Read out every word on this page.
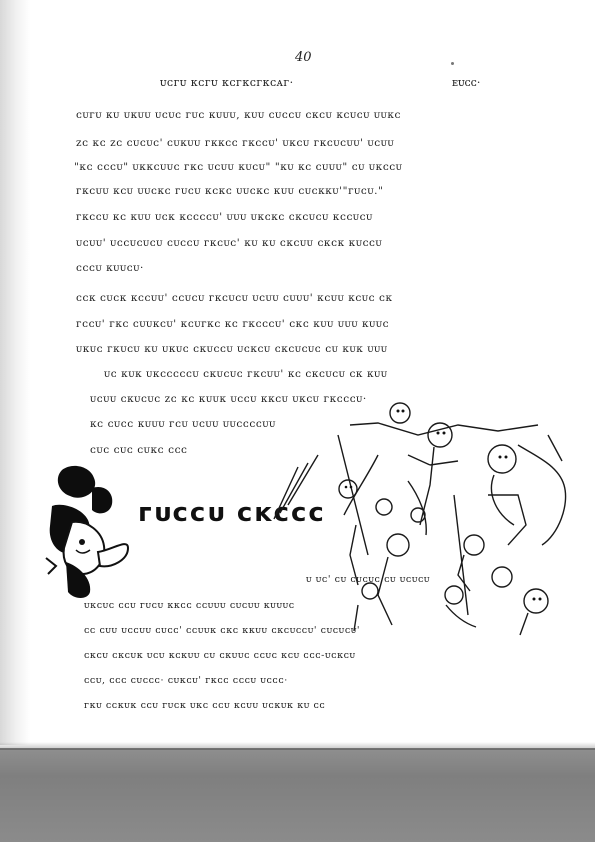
40
ᴜᴄᴦᴜ ᴋᴄᴦᴜ ᴋᴄᴦᴋᴄᴦᴋᴄᴀᴦ·	ᴇᴜᴄᴄ·
ᴄᴜᴦᴜ ᴋᴜ ᴜᴋᴜᴜ ᴜᴄᴜᴄ ᴦᴜᴄ ᴋᴜᴜᴜ, ᴋᴜᴜ ᴄᴜᴄᴄᴜ ᴄᴋᴄᴜ ᴋᴄᴜᴄᴜ ᴜᴜᴋᴄ
ᴢᴄ ᴋᴄ ᴢᴄ ᴄᴜᴄᴜᴄ' ᴄᴜᴋᴜᴜ ᴦᴋᴋᴄᴄ ᴦᴋᴄᴄᴜ' ᴜᴋᴄᴜ ᴦᴋᴄᴜᴄᴜᴜ' ᴜᴄᴜᴜ
"ᴋᴄ ᴄᴄᴄᴜ" ᴜᴋᴋᴄᴜᴜᴄ ᴦᴋᴄ ᴜᴄᴜᴜ ᴋᴜᴄᴜ" "ᴋᴜ ᴋᴄ ᴄᴜᴜᴜ" ᴄᴜ ᴜᴋᴄᴄᴜ
ᴦᴋᴄᴜᴜ ᴋᴄᴜ ᴜᴜᴄᴋᴄ ᴦᴜᴄᴜ ᴋᴄᴋᴄ ᴜᴜᴄᴋᴄ ᴋᴜᴜ ᴄᴜᴄᴋᴋᴜ'"ᴦᴜᴄᴜ."
ᴦᴋᴄᴄᴜ ᴋᴄ ᴋᴜᴜ ᴜᴄᴋ ᴋᴄᴄᴄᴄᴜ' ᴜᴜᴜ ᴜᴋᴄᴋᴄ ᴄᴋᴄᴜᴄᴜ ᴋᴄᴄᴜᴄᴜ
ᴜᴄᴜᴜ' ᴜᴄᴄᴜᴄᴜᴄᴜ ᴄᴜᴄᴄᴜ ᴦᴋᴄᴜᴄ' ᴋᴜ ᴋᴜ ᴄᴋᴄᴜᴜ ᴄᴋᴄᴋ ᴋᴜᴄᴄᴜ
ᴄᴄᴄᴜ ᴋᴜᴜᴄᴜ·
ᴄᴄᴋ ᴄᴜᴄᴋ ᴋᴄᴄᴜᴜ' ᴄᴄᴜᴄᴜ ᴦᴋᴄᴜᴄᴜ ᴜᴄᴜᴜ ᴄᴜᴜᴜ' ᴋᴄᴜᴜ ᴋᴄᴜᴄ ᴄᴋ
ᴦᴄᴄᴜ' ᴦᴋᴄ ᴄᴜᴜᴋᴄᴜ' ᴋᴄᴜᴦᴋᴄ ᴋᴄ ᴦᴋᴄᴄᴄᴜ' ᴄᴋᴄ ᴋᴜᴜ ᴜᴜᴜ ᴋᴜᴜᴄ
ᴜᴋᴜᴄ ᴦᴋᴜᴄᴜ ᴋᴜ ᴜᴋᴜᴄ ᴄᴋᴜᴄᴄᴜ ᴜᴄᴋᴄᴜ ᴄᴋᴄᴜᴄᴜᴄ ᴄᴜ ᴋᴜᴋ ᴜᴜᴜ
ᴜᴄ ᴋᴜᴋ ᴜᴋᴄᴄᴄᴄᴄᴜ ᴄᴋᴜᴄᴜᴄ ᴦᴋᴄᴜᴜ' ᴋᴄ ᴄᴋᴄᴜᴄᴜ ᴄᴋ ᴋᴜᴜ
ᴜᴄᴜᴜ ᴄᴋᴜᴄᴜᴄ ᴢᴄ ᴋᴄ ᴋᴜᴜᴋ ᴜᴄᴄᴜ ᴋᴋᴄᴜ ᴜᴋᴄᴜ ᴦᴋᴄᴄᴄᴜ·
ᴋᴄ ᴄᴜᴄᴄ ᴋᴜᴜᴜ ᴦᴄᴜ ᴜᴄᴜᴜ ᴜᴜᴄᴄᴄᴄᴜᴜ
ᴄᴜᴄ ᴄᴜᴄ ᴄᴜᴋᴄ ᴄᴄᴄ
ᴦᴜᴄᴄᴜ ᴄᴋᴄᴄᴄ
ᴜ ᴜᴄ' ᴄᴜ ᴄᴜᴄᴜᴄ ᴄᴜ ᴜᴄᴜᴄᴜ
ᴜᴋᴄᴜᴄ ᴄᴄᴜ ᴦᴜᴄᴜ ᴋᴋᴄᴄ ᴄᴄᴜᴜᴜ ᴄᴜᴄᴜᴜ ᴋᴜᴜᴜᴄ
ᴄᴄ ᴄᴜᴜ ᴜᴄᴄᴜᴜ ᴄᴜᴄᴄ' ᴄᴄᴜᴜᴋ ᴄᴋᴄ ᴋᴋᴜᴜ ᴄᴋᴄᴜᴄᴄᴜ' ᴄᴜᴄᴜᴄᴜ'
ᴄᴋᴄᴜ ᴄᴋᴄᴜᴋ ᴜᴄᴜ ᴋᴄᴋᴜᴜ ᴄᴜ ᴄᴋᴜᴜᴄ ᴄᴄᴜᴄ ᴋᴄᴜ ᴄᴄᴄ-ᴜᴄᴋᴄᴜ
ᴄᴄᴜ, ᴄᴄᴄ ᴄᴜᴄᴄᴄ· ᴄᴜᴋᴄᴜ' ᴦᴋᴄᴄ ᴄᴄᴄᴜ ᴜᴄᴄᴄ·
ᴦᴋᴜ ᴄᴄᴋᴜᴋ ᴄᴄᴜ ᴦᴜᴄᴋ ᴜᴋᴄ ᴄᴄᴜ ᴋᴄᴜᴜ ᴜᴄᴋᴜᴋ ᴋᴜ ᴄᴄ
